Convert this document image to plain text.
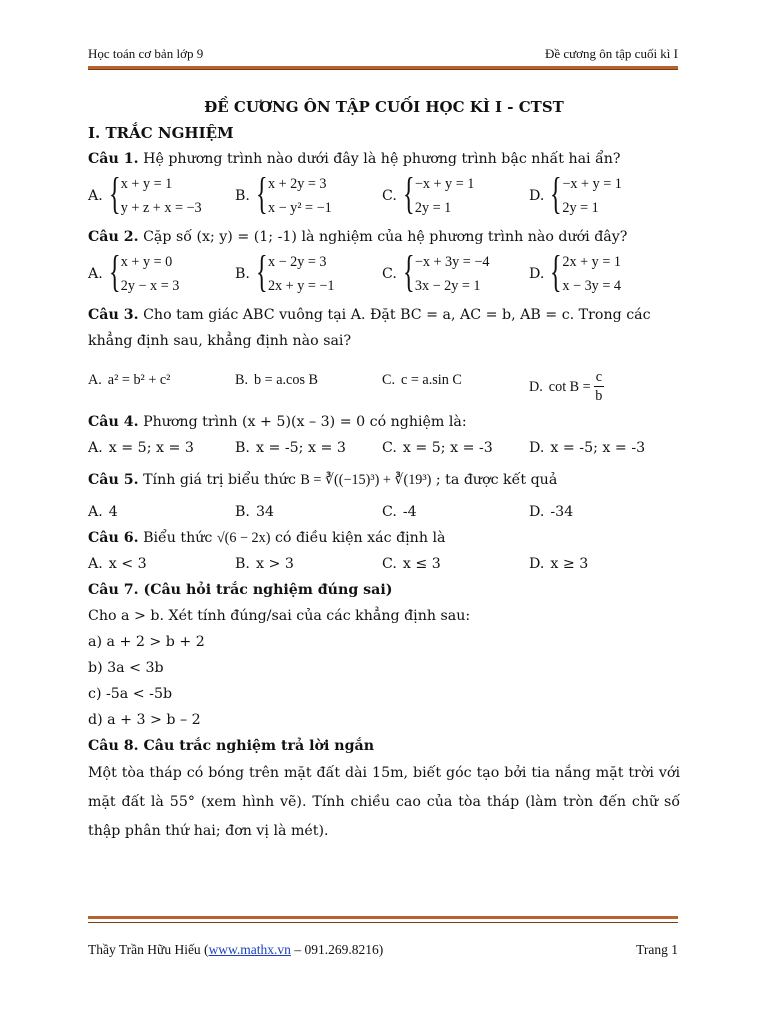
Học toán cơ bản lớp 9	Đề cương ôn tập cuối kì I
ĐỀ CƯƠNG ÔN TẬP CUỐI HỌC KÌ I - CTST
I. TRẮC NGHIỆM
Câu 1. Hệ phương trình nào dưới đây là hệ phương trình bậc nhất hai ẩn?
A. { x + y = 1
y + z + x = −3
B. { x + 2y = 3
x − y² = −1
C. { −x + y = 1
2y = 1
D. { −x + y = 1
2y = 1
Câu 2. Cặp số (x; y) = (1; -1) là nghiệm của hệ phương trình nào dưới đây?
A. { x + y = 0
2y − x = 3
B. { x − 2y = 3
2x + y = −1
C. { −x + 3y = −4
3x − 2y = 1
D. { 2x + y = 1
x − 3y = 4
Câu 3. Cho tam giác ABC vuông tại A. Đặt BC = a, AC = b, AB = c. Trong các khẳng định sau, khẳng định nào sai?
A. a² = b² + c²	B. b = a.cos B	C. c = a.sin C	D. $\cot B = \frac{c}{b}$
Câu 4. Phương trình (x + 5)(x – 3) = 0 có nghiệm là:
A. x = 5; x = 3	B. x = -5; x = 3	C. x = 5; x = -3	D. x = -5; x = -3
Câu 5. Tính giá trị biểu thức B = ∛((−15)³) + ∛(19³) ; ta được kết quả
A. 4	B. 34	C. -4	D. -34
Câu 6. Biểu thức √(6 − 2x) có điều kiện xác định là
A. x < 3	B. x > 3	C. x ≤ 3	D. x ≥ 3
Câu 7. (Câu hỏi trắc nghiệm đúng sai)
Cho a > b. Xét tính đúng/sai của các khẳng định sau:
a) a + 2 > b + 2
b) 3a < 3b
c) -5a < -5b
d) a + 3 > b – 2
Câu 8. Câu trắc nghiệm trả lời ngắn
Một tòa tháp có bóng trên mặt đất dài 15m, biết góc tạo bởi tia nắng mặt trời với mặt đất là 55° (xem hình vẽ). Tính chiều cao của tòa tháp (làm tròn đến chữ số thập phân thứ hai; đơn vị là mét).
Thầy Trần Hữu Hiếu (www.mathx.vn – 091.269.8216)	Trang 1
